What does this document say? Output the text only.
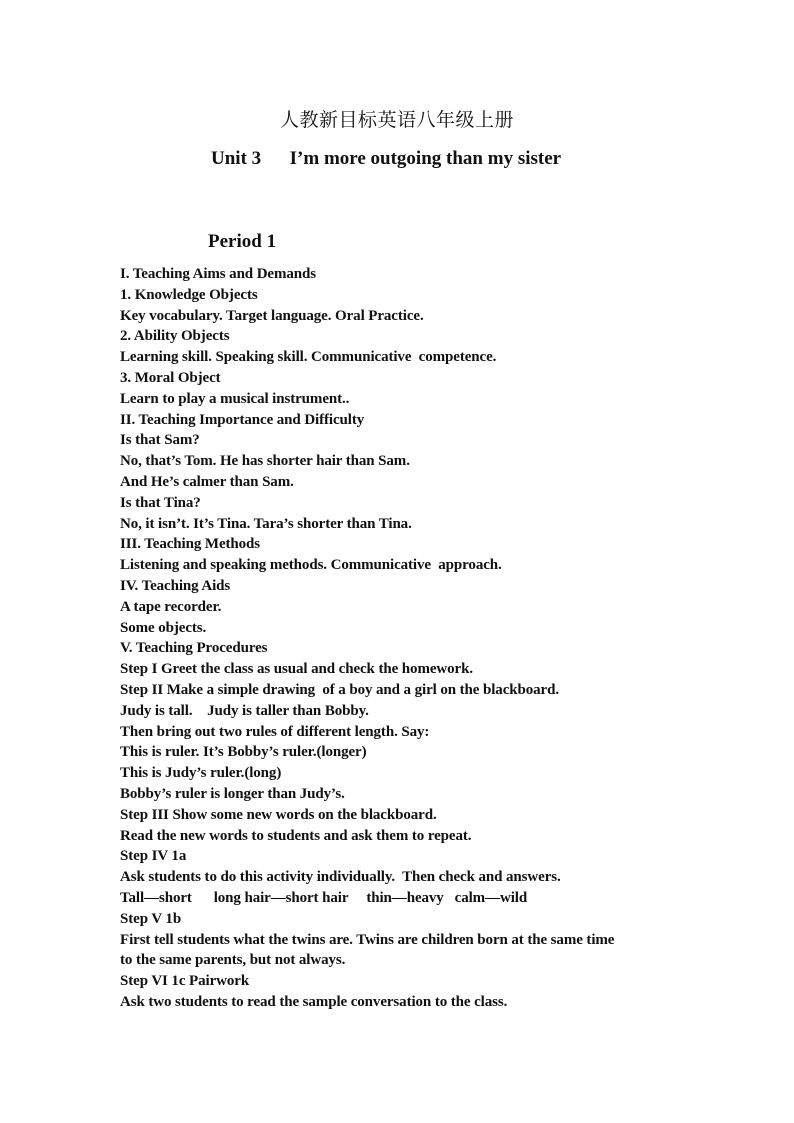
人教新目标英语八年级上册
Unit 3      I’m more outgoing than my sister
Period 1
I. Teaching Aims and Demands
1. Knowledge Objects
Key vocabulary. Target language. Oral Practice.
2. Ability Objects
Learning skill. Speaking skill. Communicative  competence.
3. Moral Object
Learn to play a musical instrument..
II. Teaching Importance and Difficulty
Is that Sam?
No, that’s Tom. He has shorter hair than Sam.
And He’s calmer than Sam.
Is that Tina?
No, it isn’t. It’s Tina. Tara’s shorter than Tina.
III. Teaching Methods
Listening and speaking methods. Communicative  approach.
IV. Teaching Aids
A tape recorder.
Some objects.
V. Teaching Procedures
Step I Greet the class as usual and check the homework.
Step II Make a simple drawing  of a boy and a girl on the blackboard.
Judy is tall.    Judy is taller than Bobby.
Then bring out two rules of different length. Say:
This is ruler. It’s Bobby’s ruler.(longer)
This is Judy’s ruler.(long)
Bobby’s ruler is longer than Judy’s.
Step III Show some new words on the blackboard.
Read the new words to students and ask them to repeat.
Step IV 1a
Ask students to do this activity individually.  Then check and answers.
Tall—short      long hair—short hair     thin—heavy   calm—wild
Step V 1b
First tell students what the twins are. Twins are children born at the same time
to the same parents, but not always.
Step VI 1c Pairwork
Ask two students to read the sample conversation to the class.
